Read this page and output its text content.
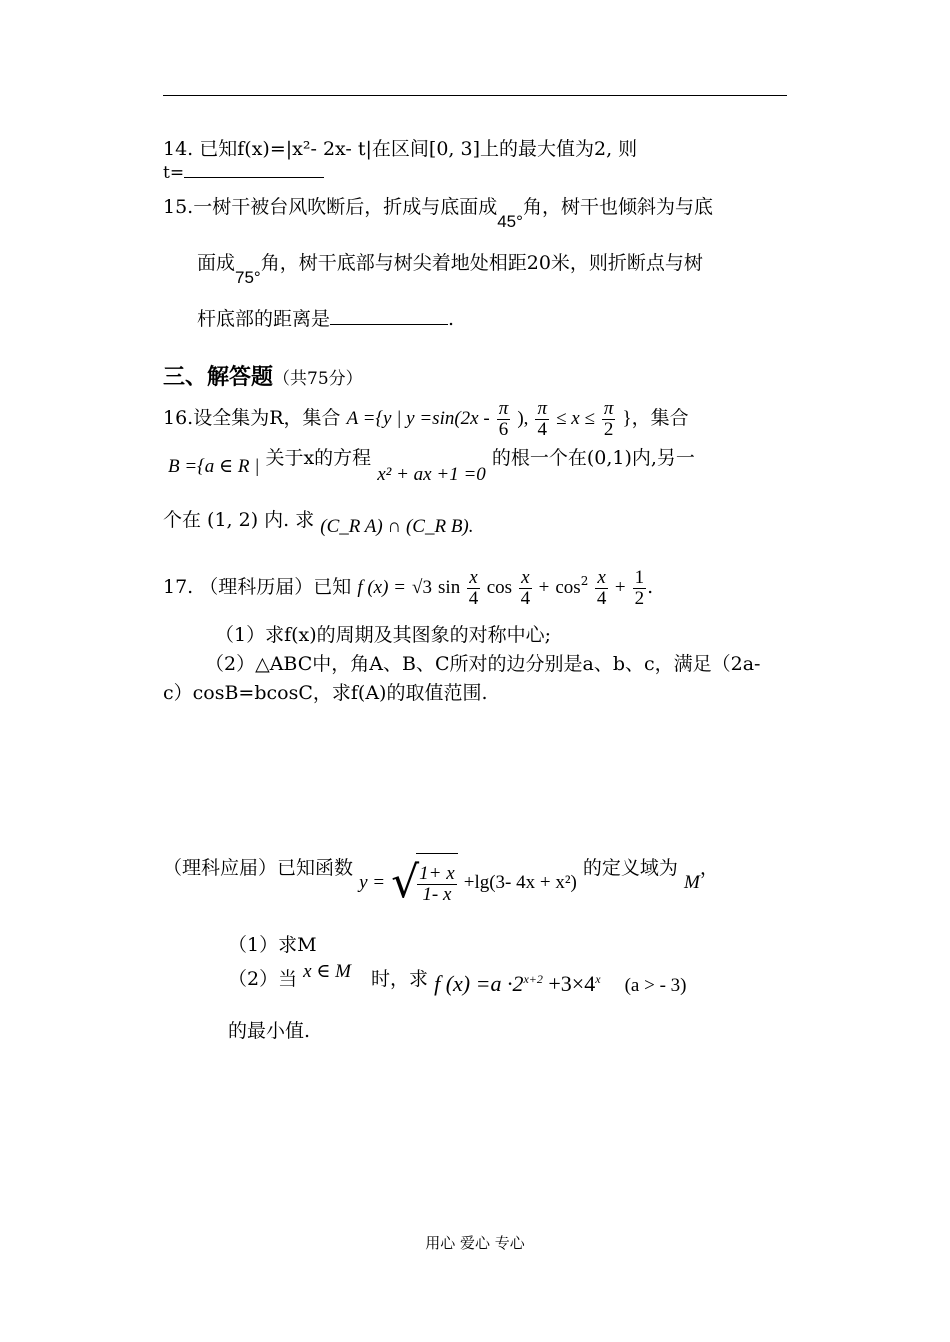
14. 已知f(x)=|x²- 2x- t|在区间[0, 3]上的最大值为2, 则
t=
15.一树干被台风吹断后，折成与底面成45°角，树干也倾斜为与底
面成75°角，树干底部与树尖着地处相距20米，则折断点与树
杆底部的距离是	.
三、解答题（共75分）
16.设全集为R，集合 A ={y | $y =\sin(2x - \frac{\pi}{6}$ ), $\frac{\pi}{4} \le x \le \frac{\pi}{2}$ }，集合
B ={a ∈ R | 关于x的方程 x² + ax +1 =0 的根一个在(0,1)内,另一
个在 (1, 2) 内. 求 (C_R A) ∩ (C_R B).
17. （理科历届）已知 f (x) = √3 $\sin \frac{x}{4}$ $\cos \frac{x}{4} + \cos^2 \frac{x}{4} + \frac{1}{2}$ .
（1）求f(x)的周期及其图象的对称中心;
（2）△ABC中，角A、B、C所对的边分别是a、b、c，满足（2a-
c）cosB=bcosC，求f(A)的取值范围.
（理科应届）已知函数 y = √
$\frac{1+ x}{1- x} +\lg(3-$ 4x + x²) 的定义域为 M，
（1）求M
（2）当 x ∈ M 时，求 f $(x) =a \cdot 2^{x+2} +3\times 4^x$ (a > - 3)
的最小值.
用心 爱心 专心
